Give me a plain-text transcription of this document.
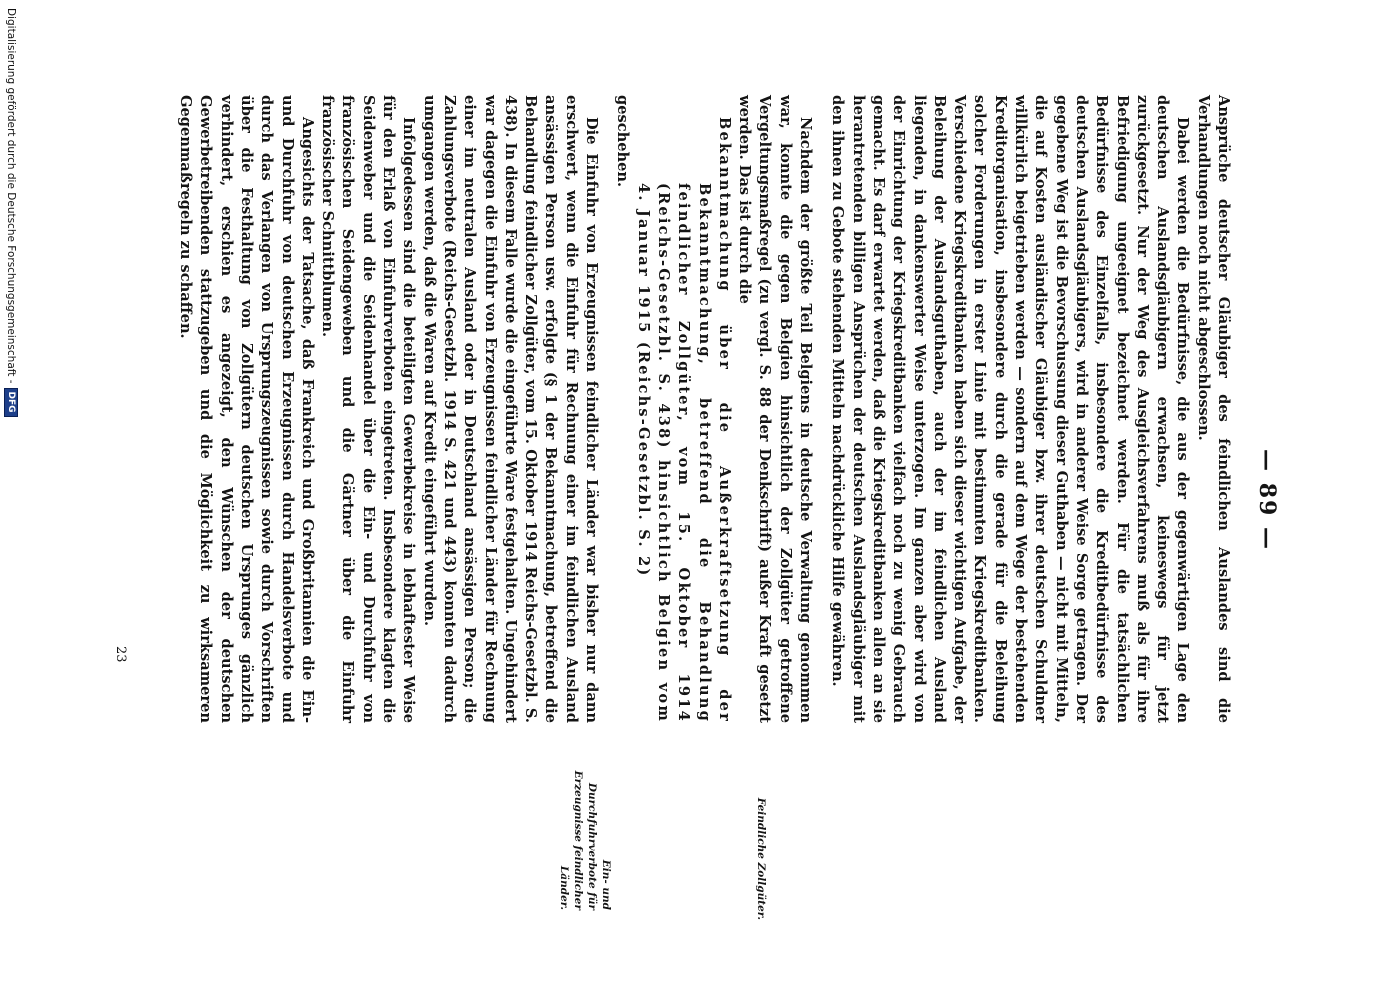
— 89 —

Ansprüche deutscher Gläubiger des feindlichen Auslandes sind die Verhandlungen noch nicht abgeschlossen.

Dabei werden die Bedürfnisse, die aus der gegenwärtigen Lage den deutschen Auslandsgläubigern erwachsen, keineswegs für jetzt zurückgesetzt. Nur der Weg des Ausgleichsverfahrens muß als für ihre Befriedigung ungeeignet bezeichnet werden. Für die tatsächlichen Bedürfnisse des Einzelfalls, insbesondere die Kreditbedürfnisse des deutschen Auslandsgläubigers, wird in anderer Weise Sorge getragen. Der gegebene Weg ist die Bevorschussung dieser Guthaben — nicht mit Mitteln, die auf Kosten ausländischer Gläubiger bzw. ihrer deutschen Schuldner willkürlich beigetrieben werden — sondern auf dem Wege der bestehenden Kreditorganisation, insbesondere durch die gerade für die Beleihung solcher Forderungen in erster Linie mit bestimmten Kriegskreditbanken. Verschiedene Kriegskreditbanken haben sich dieser wichtigen Aufgabe, der Beleihung der Auslandsguthaben, auch der im feindlichen Ausland liegenden, in dankenswerter Weise unterzogen. Im ganzen aber wird von der Einrichtung der Kriegskreditbanken vielfach noch zu wenig Gebrauch gemacht. Es darf erwartet werden, daß die Kriegskreditbanken allen an sie herantretenden billigen Ansprüchen der deutschen Auslandsgläubiger mit den ihnen zu Gebote stehenden Mitteln nachdrückliche Hilfe gewähren.

Nachdem der größte Teil Belgiens in deutsche Verwaltung genommen war, konnte die gegen Belgien hinsichtlich der Zollgüter getroffene Vergeltungsmaßregel (zu vergl. S. 88 der Denkschrift) außer Kraft gesetzt werden. Das ist durch die

Bekanntmachung über die Außerkraftsetzung der Bekanntmachung, betreffend die Behandlung feindlicher Zollgüter, vom 15. Oktober 1914 (Reichs-Gesetzbl. S. 438) hinsichtlich Belgien vom 4. Januar 1915 (Reichs-Gesetzbl. S. 2)

geschehen.

Die Einfuhr von Erzeugnissen feindlicher Länder war bisher nur dann erschwert, wenn die Einfuhr für Rechnung einer im feindlichen Ausland ansässigen Person usw. erfolgte (§ 1 der Bekanntmachung, betreffend die Behandlung feindlicher Zollgüter, vom 15. Oktober 1914 Reichs-Gesetzbl. S. 438). In diesem Falle wurde die eingeführte Ware festgehalten. Ungehindert war dagegen die Einfuhr von Erzeugnissen feindlicher Länder für Rechnung einer im neutralen Ausland oder in Deutschland ansässigen Person; die Zahlungsverbote (Reichs-Gesetzbl. 1914 S. 421 und 443) konnten dadurch umgangen werden, daß die Waren auf Kredit eingeführt wurden.

Infolgedessen sind die beteiligten Gewerbekreise in lebhaftester Weise für den Erlaß von Einfuhrverboten eingetreten. Insbesondere klagten die Seidenweber und die Seidenhandel über die Ein- und Durchfuhr von französischen Seidengeweben und die Gärtner über die Einfuhr französischer Schnittblumen.

Angesichts der Tatsache, daß Frankreich und Großbritannien die Ein- und Durchfuhr von deutschen Erzeugnissen durch Handelsverbote und durch das Verlangen von Ursprungszeugnissen sowie durch Vorschriften über die Festhaltung von Zollgütern deutschen Ursprunges gänzlich verhindert, erschien es angezeigt, den Wünschen der deutschen Gewerbetreibenden stattzugeben und die Möglichkeit zu wirksameren Gegenmaßregeln zu schaffen.

Feindliche Zollgüter.
Ein- und Durchfuhrverbote für Erzeugnisse feindlicher Länder.
23
Digitalisierung gefördert durch die Deutsche Forschungsgemeinschaft -
DFG
